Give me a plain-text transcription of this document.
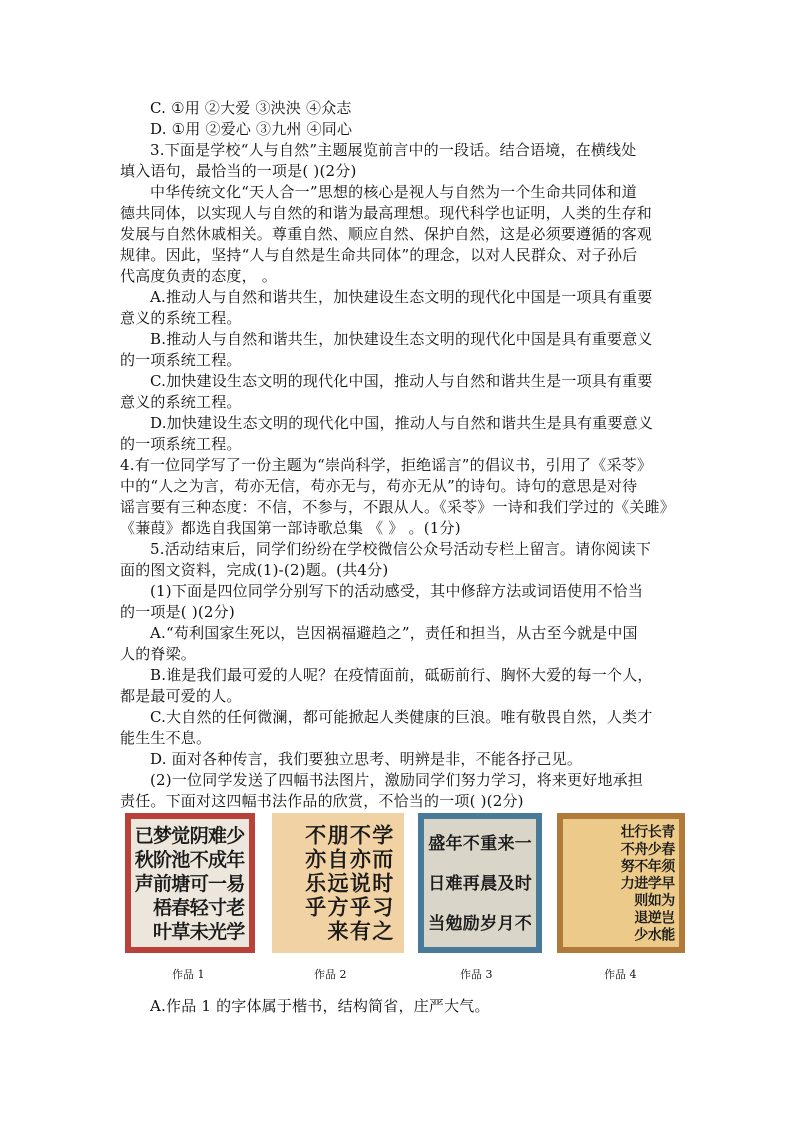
C. ①用 ②大爱 ③泱泱 ④众志
D. ①用 ②爱心 ③九州 ④同心
3.下面是学校“人与自然”主题展览前言中的一段话。结合语境，在横线处
填入语句，最恰当的一项是( )(2分)
中华传统文化“天人合一”思想的核心是视人与自然为一个生命共同体和道
德共同体，以实现人与自然的和谐为最高理想。现代科学也证明，人类的生存和
发展与自然休戚相关。尊重自然、顺应自然、保护自然，这是必须要遵循的客观
规律。因此，坚持“人与自然是生命共同体”的理念，以对人民群众、对子孙后
代高度负责的态度， 。
A.推动人与自然和谐共生，加快建设生态文明的现代化中国是一项具有重要
意义的系统工程。
B.推动人与自然和谐共生，加快建设生态文明的现代化中国是具有重要意义
的一项系统工程。
C.加快建设生态文明的现代化中国，推动人与自然和谐共生是一项具有重要
意义的系统工程。
D.加快建设生态文明的现代化中国，推动人与自然和谐共生是具有重要意义
的一项系统工程。
4.有一位同学写了一份主题为“崇尚科学，拒绝谣言”的倡议书，引用了《采苓》
中的“人之为言，苟亦无信，苟亦无与，苟亦无从”的诗句。诗句的意思是对待
谣言要有三种态度：不信，不参与，不跟从人。《采苓》一诗和我们学过的《关雎》
《蒹葭》都选自我国第一部诗歌总集 《 》 。(1分)
5.活动结束后，同学们纷纷在学校微信公众号活动专栏上留言。请你阅读下
面的图文资料，完成(1)-(2)题。(共4分)
(1)下面是四位同学分别写下的活动感受，其中修辞方法或词语使用不恰当
的一项是( )(2分)
A.“苟利国家生死以，岂因祸福避趋之”，责任和担当，从古至今就是中国
人的脊梁。
B.谁是我们最可爱的人呢？在疫情面前，砥砺前行、胸怀大爱的每一个人，
都是最可爱的人。
C.大自然的任何微澜，都可能掀起人类健康的巨浪。唯有敬畏自然，人类才
能生生不息。
D. 面对各种传言，我们要独立思考、明辨是非，不能各抒己见。
(2)一位同学发送了四幅书法图片，激励同学们努力学习，将来更好地承担
责任。下面对这四幅书法作品的欣赏，不恰当的一项( )(2分)
少
年
易
老
学
难
成
一
寸
光
阴
不
可
轻
未
觉
池
塘
春
草
梦
阶
前
梧
叶
已
秋
声
学
而
时
习
之
不
亦
说
乎
有
朋
自
远
方
来
不
亦
乐
乎
盛 年 不 重 来 一
日 难 再 晨 及 时
当 勉 励 岁 月 不
青
春
须
早
为
岂
能
长
少
年
学
如
逆
水
行
舟
不
进
则
退
少
壮
不
努
力
作品 1	作品 2	作品 3	作品 4
A.作品 1 的字体属于楷书，结构简省，庄严大气。
